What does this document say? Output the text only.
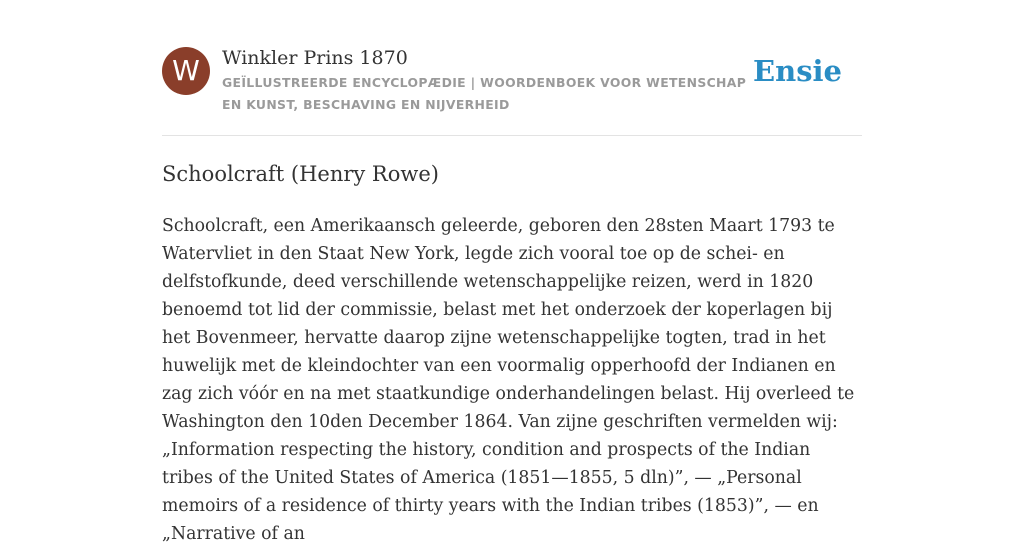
W	Winkler Prins 1870
GEÏLLUSTREERDE ENCYCLOPÆDIE | WOORDENBOEK VOOR WETENSCHAP EN KUNST, BESCHAVING EN NIJVERHEID
Ensie
Schoolcraft (Henry Rowe)

Schoolcraft, een Amerikaansch geleerde, geboren den 28sten Maart 1793 te Watervliet in den Staat New York, legde zich vooral toe op de schei- en delfstofkunde, deed verschillende wetenschappelijke reizen, werd in 1820 benoemd tot lid der commissie, belast met het onderzoek der koperlagen bij het Bovenmeer, hervatte daarop zijne wetenschappelijke togten, trad in het huwelijk met de kleindochter van een voormalig opperhoofd der Indianen en zag zich vóór en na met staatkundige onderhandelingen belast. Hij overleed te Washington den 10den December 1864. Van zijne geschriften vermelden wij: „Information respecting the history, condition and prospects of the Indian tribes of the United States of America (1851—1855, 5 dln)”, — „Personal memoirs of a residence of thirty years with the Indian tribes (1853)”, — en „Narrative of an
